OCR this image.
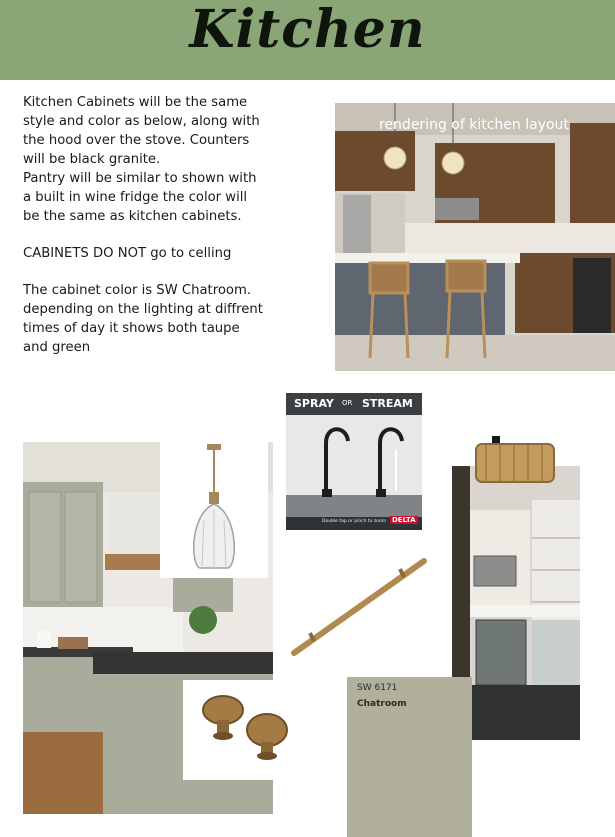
Kitchen

Kitchen Cabinets will be the same style and color as below, along with the hood over the stove. Counters will be black granite.

Pantry will be similar to shown with a built in wine fridge the color will be the same as kitchen cabinets.

CABINETS DO NOT go to celling

The cabinet color is SW Chatroom. depending on the lighting at diffrent times of day it shows both taupe and green

rendering of kitchen layout
SPRAY OR STREAM
Double tap or pinch to zoom DELTA
SW 6171
Chatroom
